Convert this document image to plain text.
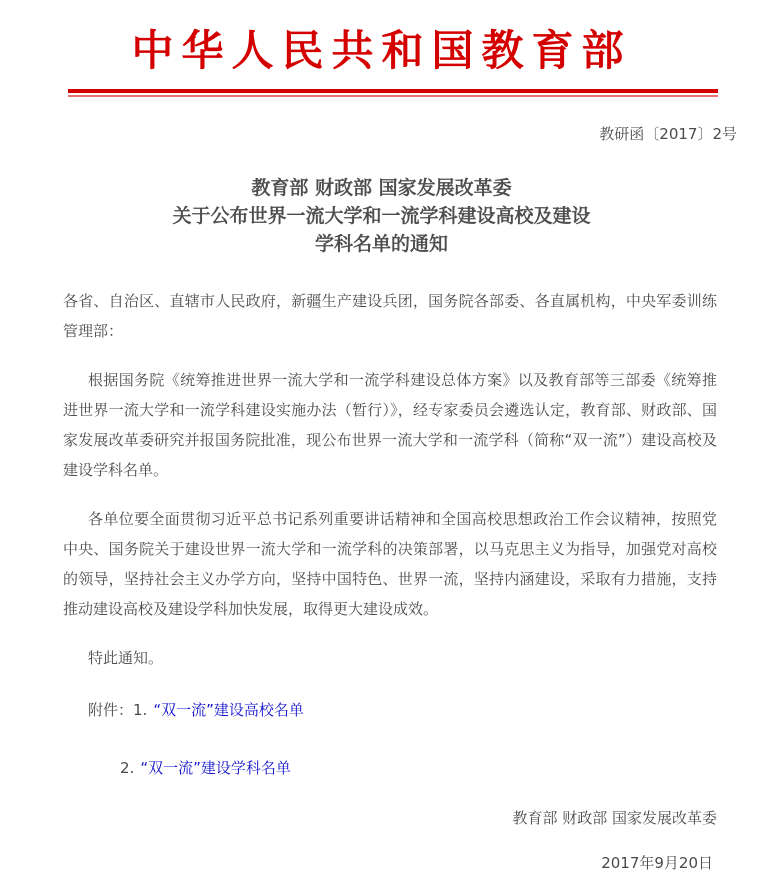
中华人民共和国教育部
教研函〔2017〕2号
教育部 财政部 国家发展改革委
关于公布世界一流大学和一流学科建设高校及建设
学科名单的通知

各省、自治区、直辖市人民政府，新疆生产建设兵团，国务院各部委、各直属机构，中央军委训练管理部：

根据国务院《统筹推进世界一流大学和一流学科建设总体方案》以及教育部等三部委《统筹推进世界一流大学和一流学科建设实施办法（暂行）》，经专家委员会遴选认定，教育部、财政部、国家发展改革委研究并报国务院批准，现公布世界一流大学和一流学科（简称“双一流”）建设高校及建设学科名单。

各单位要全面贯彻习近平总书记系列重要讲话精神和全国高校思想政治工作会议精神，按照党中央、国务院关于建设世界一流大学和一流学科的决策部署，以马克思主义为指导，加强党对高校的领导，坚持社会主义办学方向，坚持中国特色、世界一流，坚持内涵建设，采取有力措施，支持推动建设高校及建设学科加快发展，取得更大建设成效。

特此通知。

附件：1. “双一流”建设高校名单
2. “双一流”建设学科名单
教育部 财政部 国家发展改革委
2017年9月20日
